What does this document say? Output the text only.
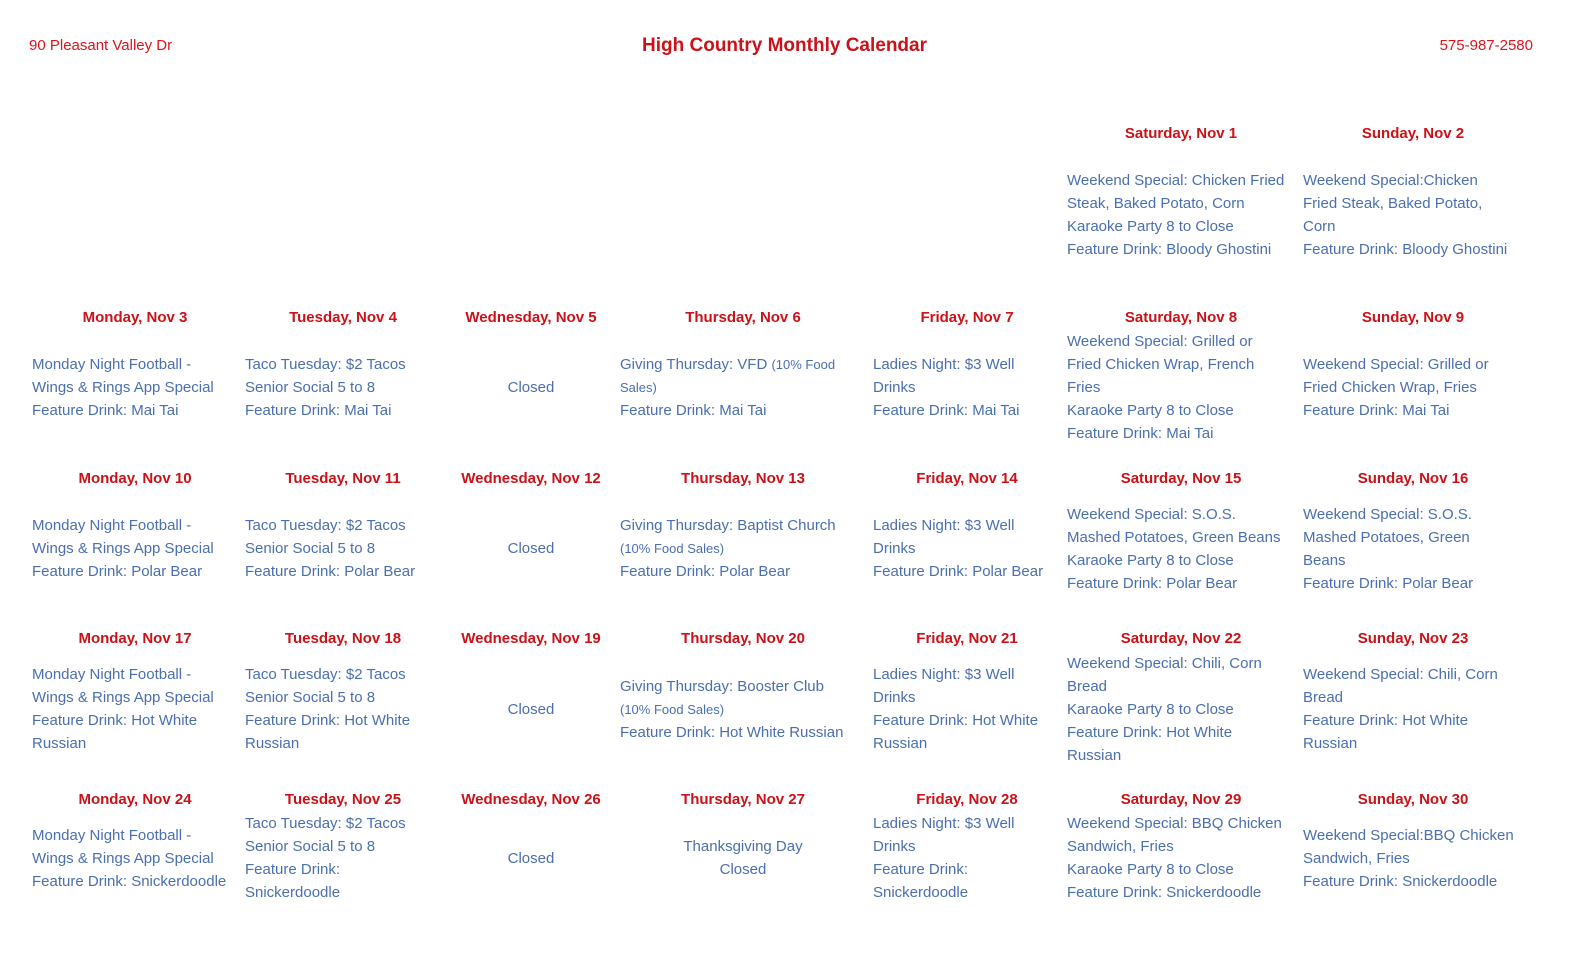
90 Pleasant Valley Dr	High Country Monthly Calendar	575-987-2580
Saturday, Nov 1
Weekend Special: Chicken Fried
Steak, Baked Potato, Corn
Karaoke Party 8 to Close
Feature Drink: Bloody Ghostini
Sunday, Nov 2
Weekend Special:Chicken
Fried Steak, Baked Potato,
Corn
Feature Drink: Bloody Ghostini
Monday, Nov 3
Monday Night Football -
Wings & Rings App Special
Feature Drink: Mai Tai
Tuesday, Nov 4
Taco Tuesday: $2 Tacos
Senior Social 5 to 8
Feature Drink: Mai Tai
Wednesday, Nov 5
Closed
Thursday, Nov 6
Giving Thursday: VFD (10% Food
Sales)
Feature Drink: Mai Tai
Friday, Nov 7
Ladies Night: $3 Well
Drinks
Feature Drink: Mai Tai
Saturday, Nov 8
Weekend Special: Grilled or
Fried Chicken Wrap, French
Fries
Karaoke Party 8 to Close
Feature Drink: Mai Tai
Sunday, Nov 9
Weekend Special: Grilled or
Fried Chicken Wrap, Fries
Feature Drink: Mai Tai
Monday, Nov 10
Monday Night Football -
Wings & Rings App Special
Feature Drink: Polar Bear
Tuesday, Nov 11
Taco Tuesday: $2 Tacos
Senior Social 5 to 8
Feature Drink: Polar Bear
Wednesday, Nov 12
Closed
Thursday, Nov 13
Giving Thursday: Baptist Church
(10% Food Sales)
Feature Drink: Polar Bear
Friday, Nov 14
Ladies Night: $3 Well
Drinks
Feature Drink: Polar Bear
Saturday, Nov 15
Weekend Special: S.O.S.
Mashed Potatoes, Green Beans
Karaoke Party 8 to Close
Feature Drink: Polar Bear
Sunday, Nov 16
Weekend Special: S.O.S.
Mashed Potatoes, Green
Beans
Feature Drink: Polar Bear
Monday, Nov 17
Monday Night Football -
Wings & Rings App Special
Feature Drink: Hot White
Russian
Tuesday, Nov 18
Taco Tuesday: $2 Tacos
Senior Social 5 to 8
Feature Drink: Hot White
Russian
Wednesday, Nov 19
Closed
Thursday, Nov 20
Giving Thursday: Booster Club
(10% Food Sales)
Feature Drink: Hot White Russian
Friday, Nov 21
Ladies Night: $3 Well
Drinks
Feature Drink: Hot White
Russian
Saturday, Nov 22
Weekend Special: Chili, Corn
Bread
Karaoke Party 8 to Close
Feature Drink: Hot White
Russian
Sunday, Nov 23
Weekend Special: Chili, Corn
Bread
Feature Drink: Hot White
Russian
Monday, Nov 24
Monday Night Football -
Wings & Rings App Special
Feature Drink: Snickerdoodle
Tuesday, Nov 25
Taco Tuesday: $2 Tacos
Senior Social 5 to 8
Feature Drink:
Snickerdoodle
Wednesday, Nov 26
Closed
Thursday, Nov 27
Thanksgiving Day
Closed
Friday, Nov 28
Ladies Night: $3 Well
Drinks
Feature Drink:
Snickerdoodle
Saturday, Nov 29
Weekend Special: BBQ Chicken
Sandwich, Fries
Karaoke Party 8 to Close
Feature Drink: Snickerdoodle
Sunday, Nov 30
Weekend Special:BBQ Chicken
Sandwich, Fries
Feature Drink: Snickerdoodle
